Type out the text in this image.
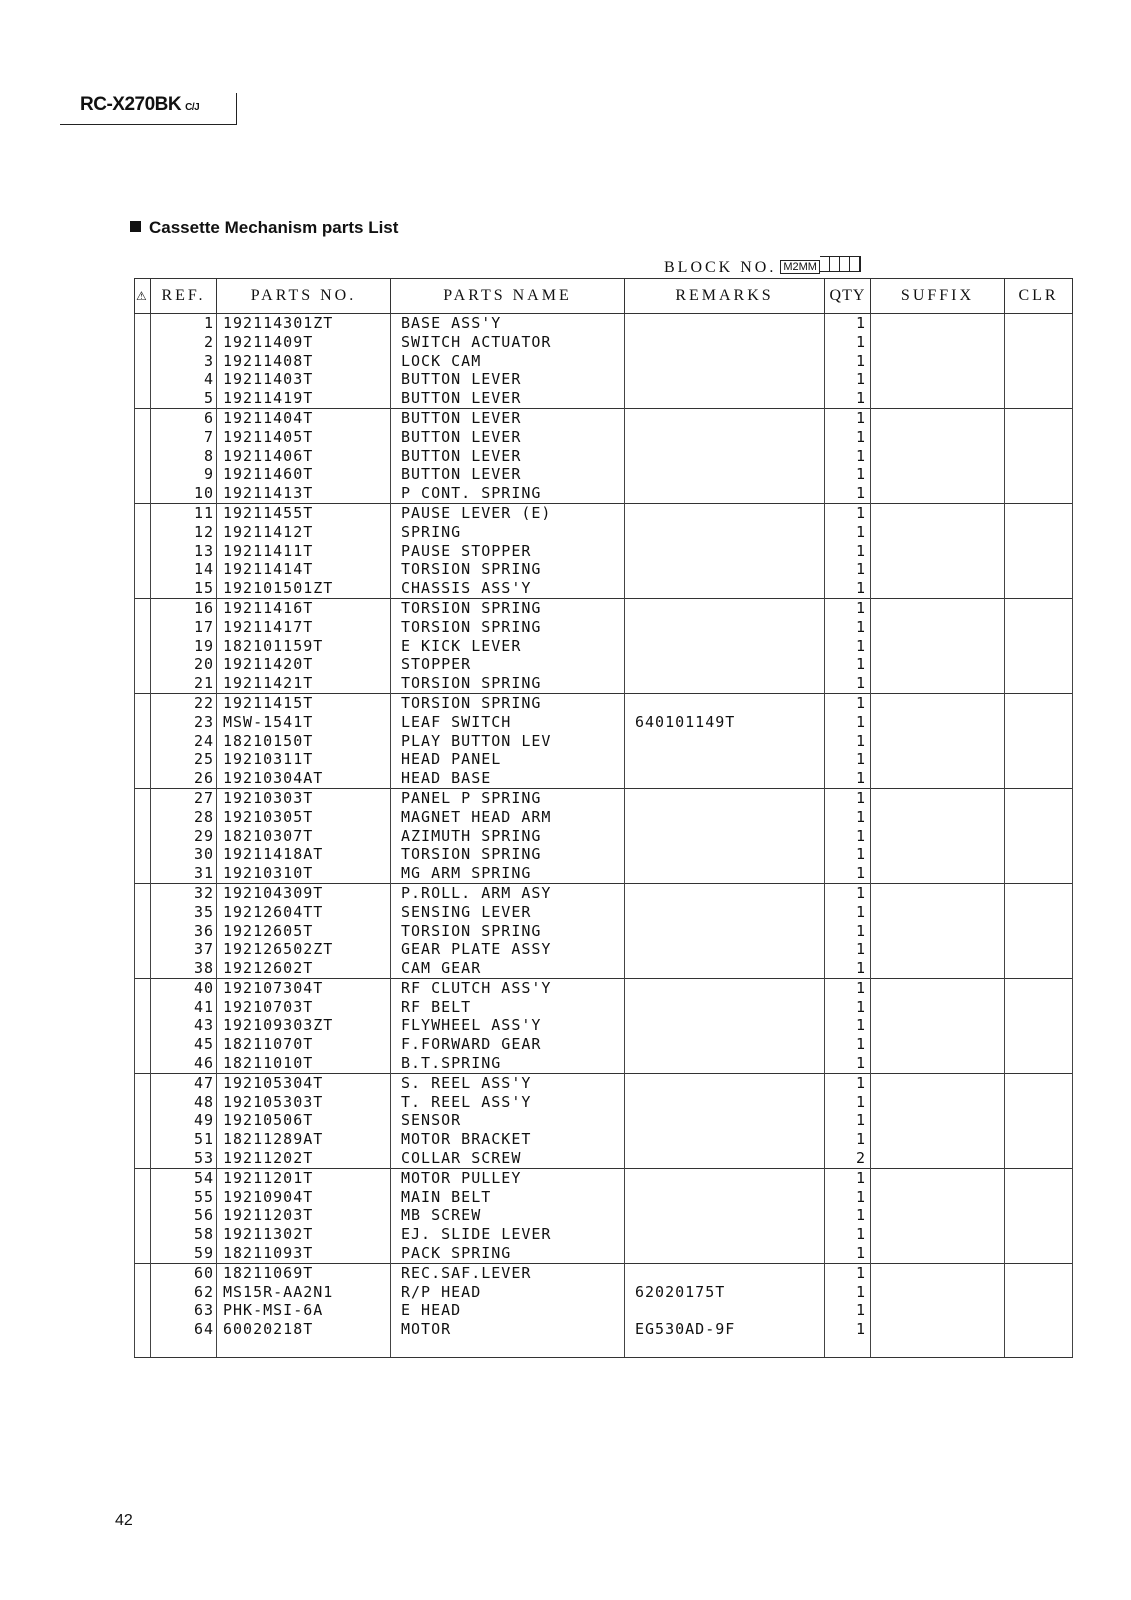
RC-X270BK C/J
Cassette Mechanism parts List
BLOCK NO. M2MM
⚠	REF.	PARTS NO.	PARTS NAME	REMARKS	QTY	SUFFIX	CLR
	1	192114301ZT	BASE ASS'Y		1		
	2	19211409T	SWITCH ACTUATOR		1		
	3	19211408T	LOCK CAM		1		
	4	19211403T	BUTTON LEVER		1		
	5	19211419T	BUTTON LEVER		1		
	6	19211404T	BUTTON LEVER		1		
	7	19211405T	BUTTON LEVER		1		
	8	19211406T	BUTTON LEVER		1		
	9	19211460T	BUTTON LEVER		1		
	10	19211413T	P CONT. SPRING		1		
	11	19211455T	PAUSE LEVER (E)		1		
	12	19211412T	SPRING		1		
	13	19211411T	PAUSE STOPPER		1		
	14	19211414T	TORSION SPRING		1		
	15	192101501ZT	CHASSIS ASS'Y		1		
	16	19211416T	TORSION SPRING		1		
	17	19211417T	TORSION SPRING		1		
	19	182101159T	E KICK LEVER		1		
	20	19211420T	STOPPER		1		
	21	19211421T	TORSION SPRING		1		
	22	19211415T	TORSION SPRING		1		
	23	MSW-1541T	LEAF SWITCH	640101149T	1		
	24	18210150T	PLAY BUTTON LEV		1		
	25	19210311T	HEAD PANEL		1		
	26	19210304AT	HEAD BASE		1		
	27	19210303T	PANEL P SPRING		1		
	28	19210305T	MAGNET HEAD ARM		1		
	29	18210307T	AZIMUTH SPRING		1		
	30	19211418AT	TORSION SPRING		1		
	31	19210310T	MG ARM SPRING		1		
	32	192104309T	P.ROLL. ARM ASY		1		
	35	19212604TT	SENSING LEVER		1		
	36	19212605T	TORSION SPRING		1		
	37	192126502ZT	GEAR PLATE ASSY		1		
	38	19212602T	CAM GEAR		1		
	40	192107304T	RF CLUTCH ASS'Y		1		
	41	19210703T	RF BELT		1		
	43	192109303ZT	FLYWHEEL ASS'Y		1		
	45	18211070T	F.FORWARD GEAR		1		
	46	18211010T	B.T.SPRING		1		
	47	192105304T	S. REEL ASS'Y		1		
	48	192105303T	T. REEL ASS'Y		1		
	49	19210506T	SENSOR		1		
	51	18211289AT	MOTOR BRACKET		1		
	53	19211202T	COLLAR SCREW		2		
	54	19211201T	MOTOR PULLEY		1		
	55	19210904T	MAIN BELT		1		
	56	19211203T	MB SCREW		1		
	58	19211302T	EJ. SLIDE LEVER		1		
	59	18211093T	PACK SPRING		1		
	60	18211069T	REC.SAF.LEVER		1		
	62	MS15R-AA2N1	R/P HEAD	62020175T	1		
	63	PHK-MSI-6A	E HEAD		1		
	64	60020218T	MOTOR	EG530AD-9F	1		

42
